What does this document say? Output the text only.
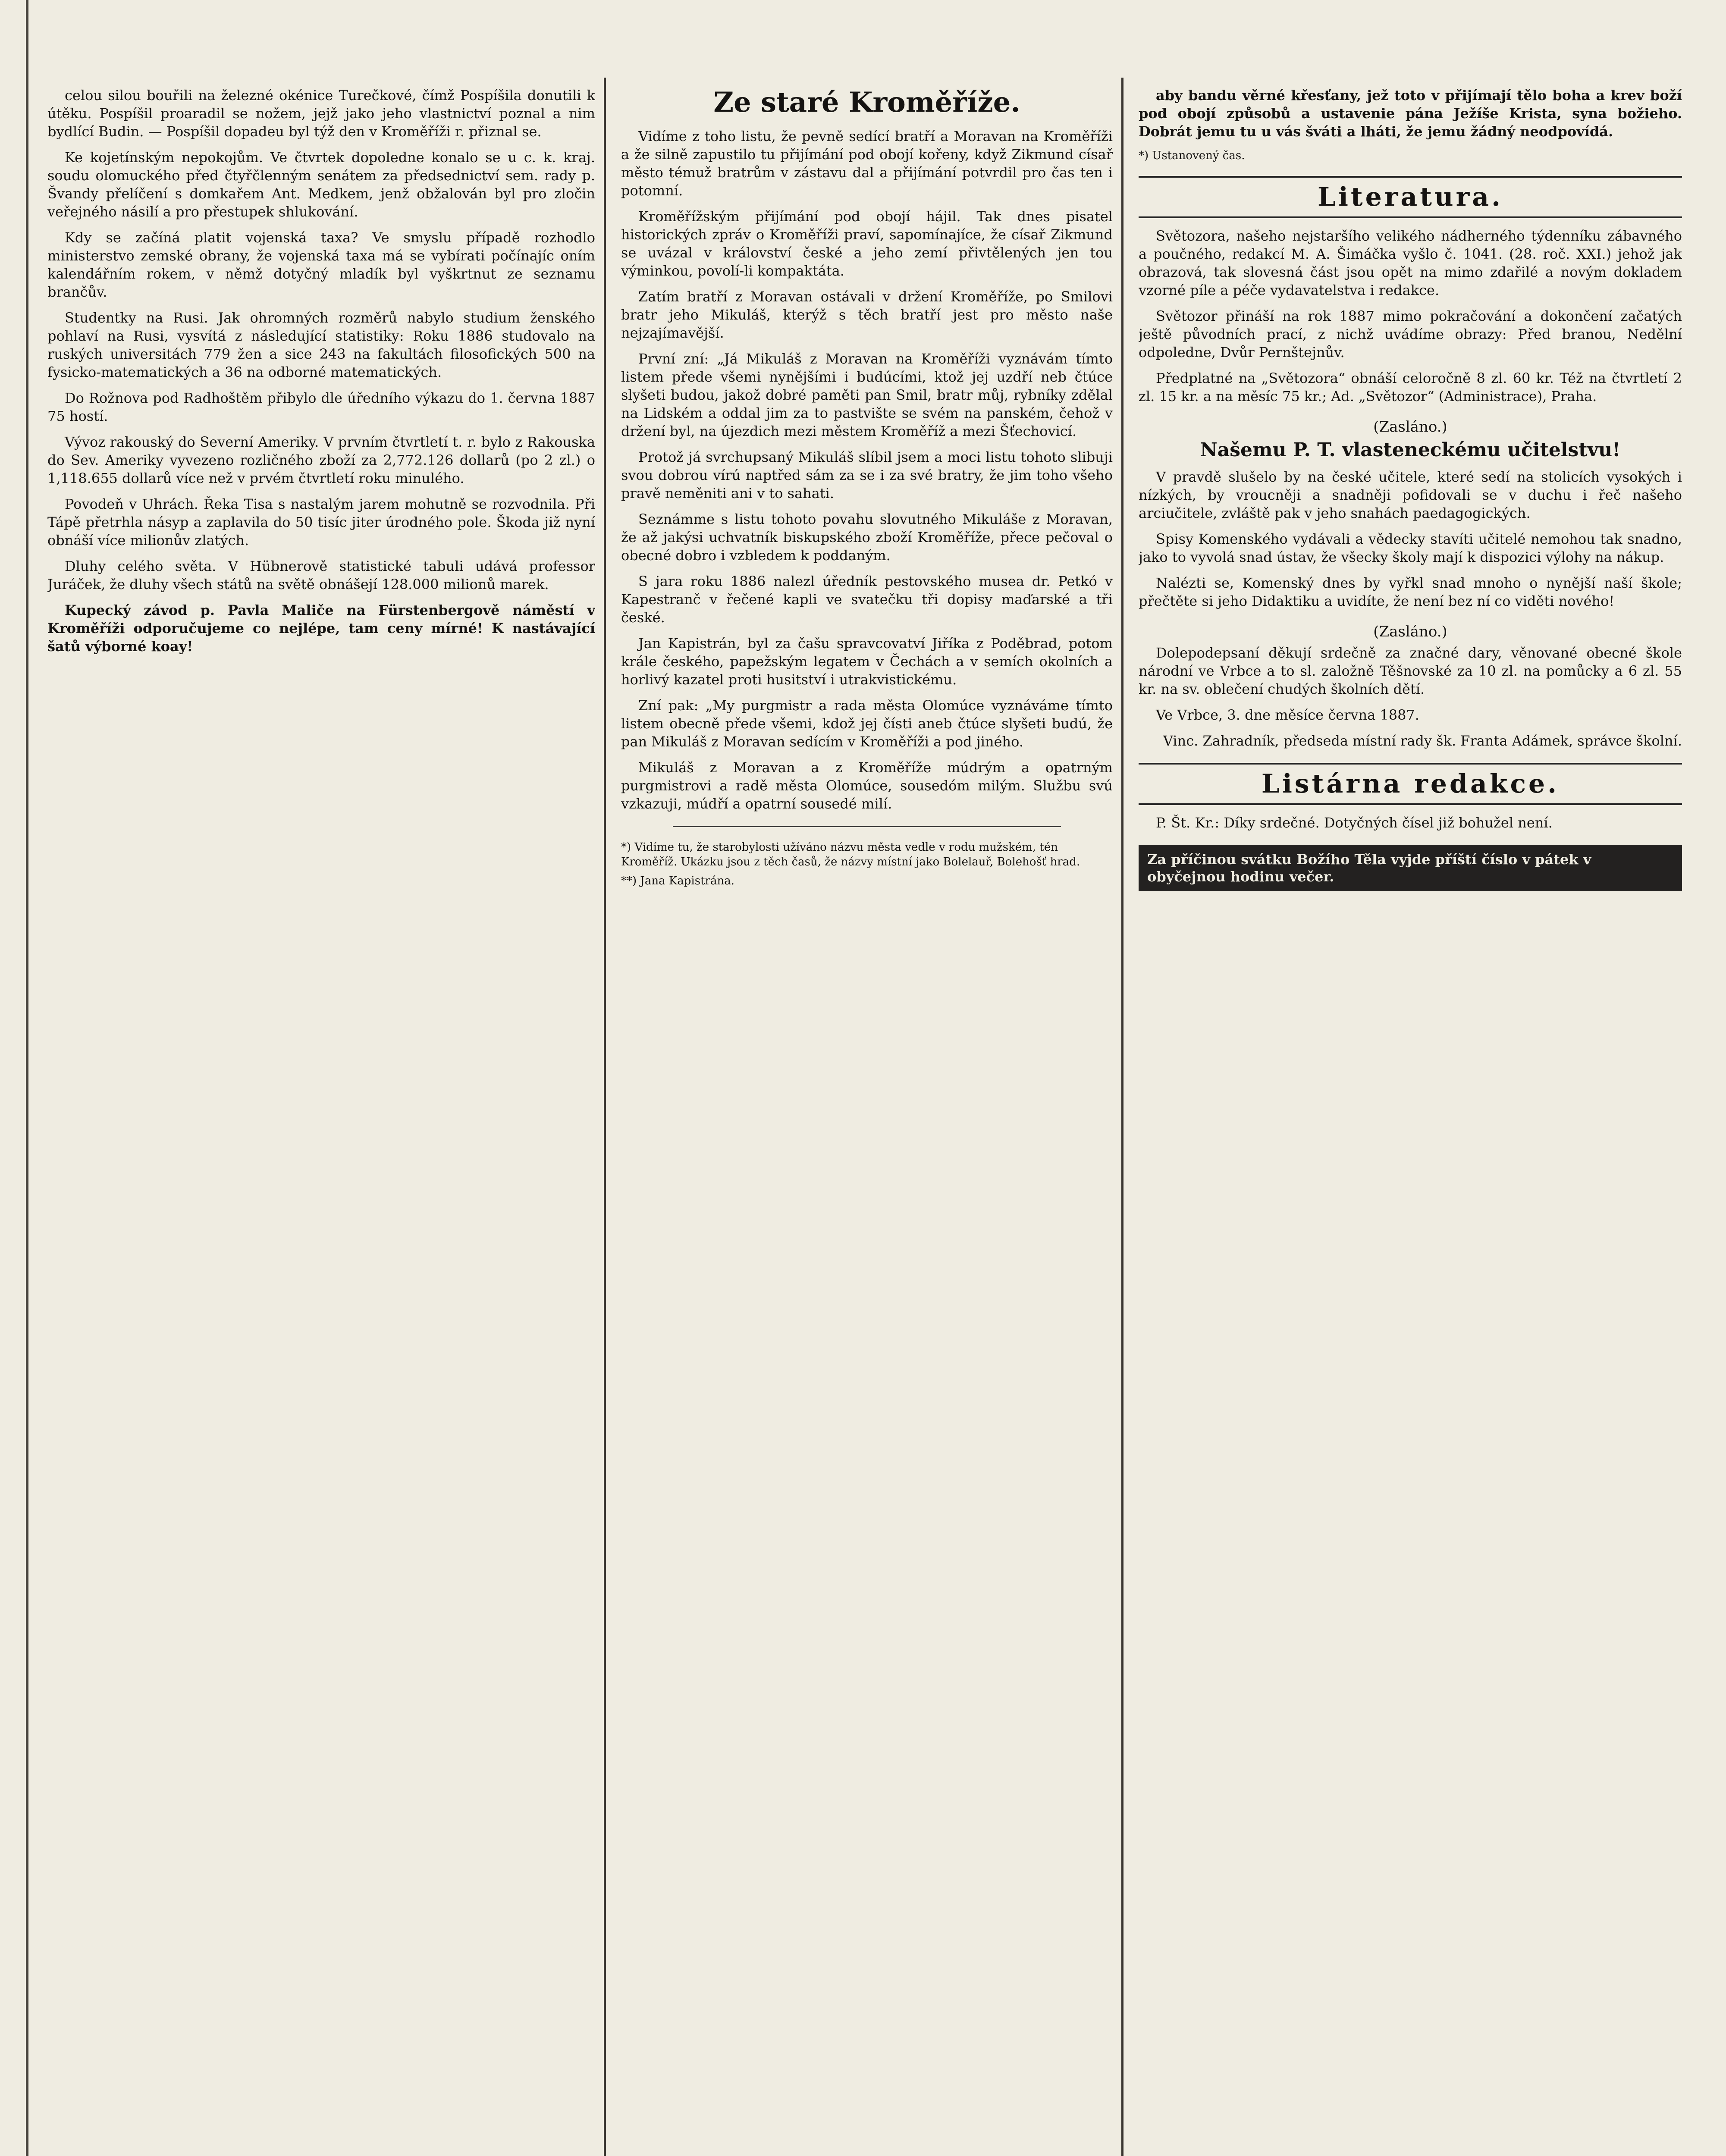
celou silou bouřili na železné okénice Turečkové, čímž Pospíšila donutili k útěku. Pospíšil proaradil se nožem, jejž jako jeho vlastnictví poznal a nim bydlící Budin. — Pospíšil dopadeu byl týž den v Kroměříži r. přiznal se.

Ke kojetínským nepokojům. Ve čtvrtek dopoledne konalo se u c. k. kraj. soudu olomuckého před čtyřčlenným senátem za předsednictví sem. rady p. Švandy přelíčení s domkařem Ant. Medkem, jenž obžalován byl pro zločin veřejného násilí a pro přestupek shlukování.

Kdy se začíná platit vojenská taxa? Ve smyslu případě rozhodlo ministerstvo zemské obrany, že vojenská taxa má se vybírati počínajíc oním kalendářním rokem, v němž dotyčný mladík byl vyškrtnut ze seznamu brančův.

Studentky na Rusi. Jak ohromných rozměrů nabylo studium ženského pohlaví na Rusi, vysvítá z následující statistiky: Roku 1886 studovalo na ruských universitách 779 žen a sice 243 na fakultách filosofických 500 na fysicko-matematických a 36 na odborné matematických.

Do Rožnova pod Radhoštěm přibylo dle úředního výkazu do 1. června 1887 75 hostí.

Vývoz rakouský do Severní Ameriky. V prvním čtvrtletí t. r. bylo z Rakouska do Sev. Ameriky vyvezeno rozličného zboží za 2,772.126 dollarů (po 2 zl.) o 1,118.655 dollarů více než v prvém čtvrtletí roku minulého.

Povodeň v Uhrách. Řeka Tisa s nastalým jarem mohutně se rozvodnila. Při Tápě přetrhla násyp a zaplavila do 50 tisíc jiter úrodného pole. Škoda již nyní obnáší více milionův zlatých.

Dluhy celého světa. V Hübnerově statistické tabuli udává professor Juráček, že dluhy všech států na světě obnášejí 128.000 milionů marek.

Kupecký závod p. Pavla Maliče na Fürstenbergově náměstí v Kroměříži odporučujeme co nejlépe, tam ceny mírné! K nastávající šatů výborné koay!

Ze staré Kroměříže.

Vidíme z toho listu, že pevně sedící bratří a Moravan na Kroměříži a že silně zapustilo tu přijímání pod obojí kořeny, když Zikmund císař město témuž bratrům v zástavu dal a přijímání potvrdil pro čas ten i potomní.

Kroměřížským přijímání pod obojí hájil. Tak dnes pisatel historických zpráv o Kroměříži praví, sapomínajíce, že císař Zikmund se uvázal v království české a jeho zemí přivtělených jen tou výminkou, povolí-li kompaktáta.

Zatím bratří z Moravan ostávali v držení Kroměříže, po Smilovi bratr jeho Mikuláš, kterýž s těch bratří jest pro město naše nejzajímavější.

První zní: „Já Mikuláš z Moravan na Kroměříži vyznávám tímto listem přede všemi nynějšími i budúcími, ktož jej uzdří neb čtúce slyšeti budou, jakož dobré paměti pan Smil, bratr můj, rybníky zdělal na Lidském a oddal jim za to pastvište se svém na panském, čehož v držení byl, na újezdich mezi městem Kroměříž a mezi Šťechovicí.

Protož já svrchupsaný Mikuláš slíbil jsem a moci listu tohoto slibuji svou dobrou vírú naptřed sám za se i za své bratry, že jim toho všeho pravě neměniti ani v to sahati.

Seznámme s listu tohoto povahu slovutného Mikuláše z Moravan, že až jakýsi uchvatník biskupského zboží Kroměříže, přece pečoval o obecné dobro i vzbledem k poddaným.

S jara roku 1886 nalezl úředník pestovského musea dr. Petkó v Kapestranč v řečené kapli ve svatečku tři dopisy maďarské a tři české.

Jan Kapistrán, byl za čašu spravcovatví Jiříka z Poděbrad, potom krále českého, papežským legatem v Čechách a v semích okolních a horlivý kazatel proti husitství i utrakvistickému.

Zní pak: „My purgmistr a rada města Olomúce vyznáváme tímto listem obecně přede všemi, kdož jej čísti aneb čtúce slyšeti budú, že pan Mikuláš z Moravan sedícím v Kroměříži a pod jiného.

Mikuláš z Moravan a z Kroměříže múdrým a opatrným purgmistrovi a radě města Olomúce, sousedóm milým. Službu svú vzkazuji, múdří a opatrní sousedé milí.

*) Vidíme tu, že starobylosti užíváno názvu města vedle v rodu mužském, tén Kroměříž. Ukázku jsou z těch časů, že názvy místní jako Bolelauř, Bolehošť hrad.
**) Jana Kapistrána.

aby bandu věrné křesťany, jež toto v přijímají tělo boha a krev boží pod obojí způsobů a ustavenie pána Ježíše Krista, syna božieho. Dobrát jemu tu u vás šváti a lháti, že jemu žádný neodpovídá.

*) Ustanovený čas.
Literatura.

Světozora, našeho nejstaršího velikého nádherného týdenníku zábavného a poučného, redakcí M. A. Šimáčka vyšlo č. 1041. (28. roč. XXI.) jehož jak obrazová, tak slovesná část jsou opět na mimo zdařilé a novým dokladem vzorné píle a péče vydavatelstva i redakce.

Světozor přináší na rok 1887 mimo pokračování a dokončení začatých ještě původních prací, z nichž uvádíme obrazy: Před branou, Nedělní odpoledne, Dvůr Pernštejnův.

Předplatné na „Světozora“ obnáší celoročně 8 zl. 60 kr. Též na čtvrtletí 2 zl. 15 kr. a na měsíc 75 kr.; Ad. „Světozor“ (Administrace), Praha.

(Zasláno.)
Našemu P. T. vlasteneckému učitelstvu!

V pravdě slušelo by na české učitele, které sedí na stolicích vysokých i nízkých, by vroucněji a snadněji pofidovali se v duchu i řeč našeho arciučitele, zvláště pak v jeho snahách paedagogických.

Spisy Komenského vydávali a vědecky stavíti učitelé nemohou tak snadno, jako to vyvolá snad ústav, že všecky školy mají k dispozici výlohy na nákup.

Nalézti se, Komenský dnes by vyřkl snad mnoho o nynější naší škole; přečtěte si jeho Didaktiku a uvidíte, že není bez ní co viděti nového!

(Zasláno.)

Dolepodepsaní děkují srdečně za značné dary, věnované obecné škole národní ve Vrbce a to sl. založně Těšnovské za 10 zl. na pomůcky a 6 zl. 55 kr. na sv. oblečení chudých školních dětí.

Ve Vrbce, 3. dne měsíce června 1887.

Vinc. Zahradník, předseda místní rady šk. Franta Adámek, správce školní.
Listárna redakce.

P. Št. Kr.: Díky srdečné. Dotyčných čísel již bohužel není.

Za příčinou svátku Božího Těla vyjde příští číslo v pátek v obyčejnou hodinu večer.
